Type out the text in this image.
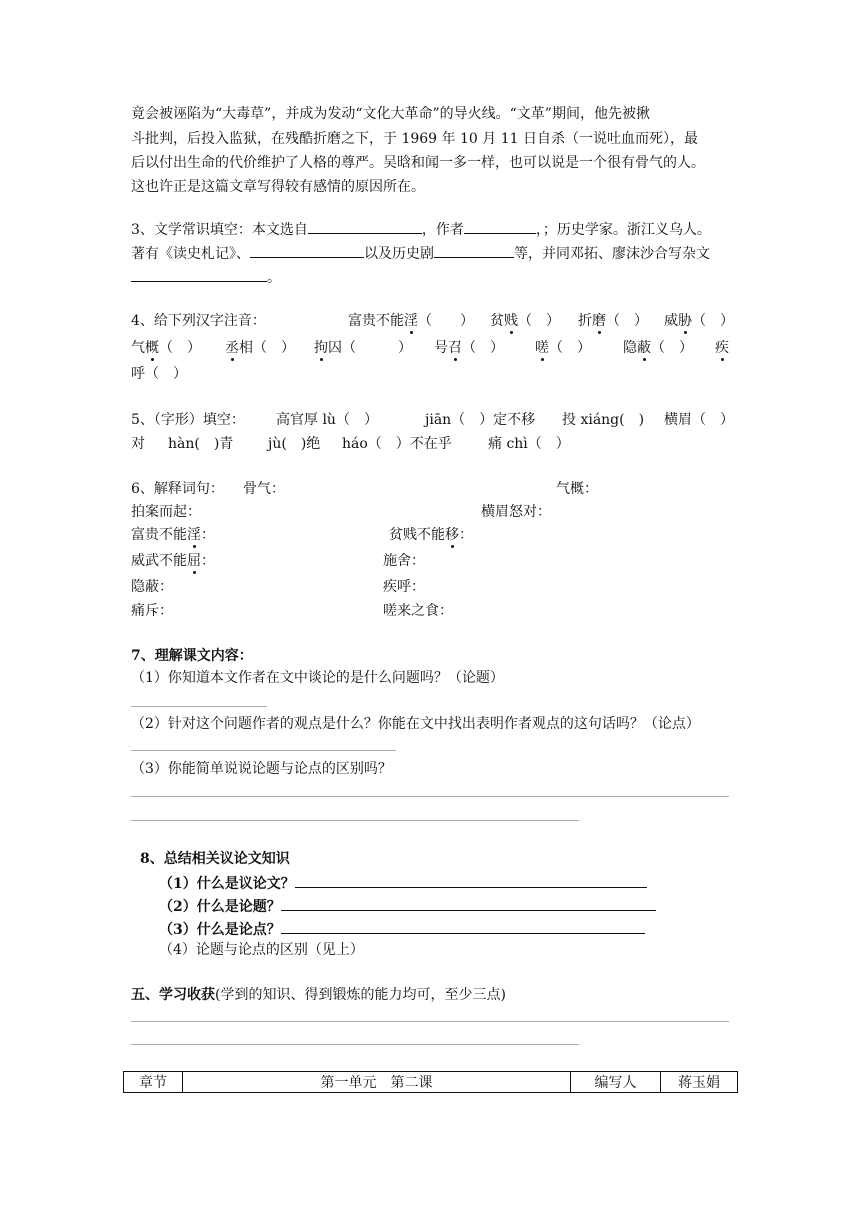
竟会被诬陷为“大毒草”，并成为发动“文化大革命”的导火线。“文革”期间，他先被揪
斗批判，后投入监狱，在残酷折磨之下，于 1969 年 10 月 11 日自杀（一说吐血而死），最
后以付出生命的代价维护了人格的尊严。吴晗和闻一多一样，也可以说是一个很有骨气的人。
这也许正是这篇文章写得较有感情的原因所在。
3、文学常识填空：本文选自	，作者	，；历史学家。浙江义乌人。
著有《读史札记》、	以及历史剧	等，并同邓拓、廖沫沙合写杂文
。
4、给下列汉字注音：	富贵不能淫（　　） 贫贱（　） 折磨（　） 威胁（　）
气概（　） 丞相（　） 拘囚（　　　） 号召（　） 嗟（　） 隐蔽（　） 疾
呼（　）
5、（字形）填空： 高官厚 lù（　）	jiān（　）定不移 投 xiáng(　) 横眉（　）
对 hàn(　)青 jù(　)绝 háo（　）不在乎	痛 chì（　）
6、解释词句： 骨气：	气概：
拍案而起：	横眉怒对：
富贵不能淫：	贫贱不能移：
威武不能屈：	施舍：
隐蔽：	疾呼：
痛斥：	嗟来之食：
7、理解课文内容：
（1）你知道本文作者在文中谈论的是什么问题吗？（论题）
（2）针对这个问题作者的观点是什么？你能在文中找出表明作者观点的这句话吗？（论点）
（3）你能简单说说论题与论点的区别吗？
8、总结相关议论文知识
（1）什么是议论文？
（2）什么是论题？
（3）什么是论点？
（4）论题与论点的区别（见上）
五、学习收获(学到的知识、得到锻炼的能力均可，至少三点)
章节	第一单元　第二课	编写人	蒋玉娟
